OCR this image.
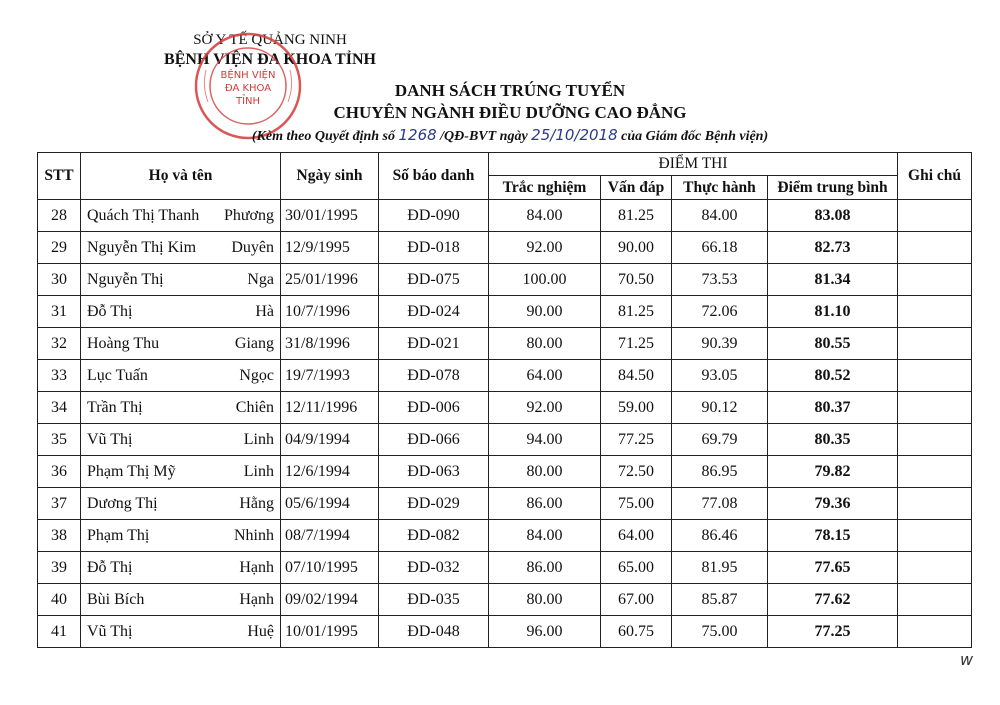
SỞ Y TẾ QUẢNG NINH
BỆNH VIỆN ĐA KHOA TỈNH
BỆNH VIỆN
ĐA KHOA
TỈNH
DANH SÁCH TRÚNG TUYỂN
CHUYÊN NGÀNH ĐIỀU DƯỠNG CAO ĐẲNG
(Kèm theo Quyết định số 1268 /QĐ-BVT ngày 25/10/2018 của Giám đốc Bệnh viện)
STT	Họ và tên	Ngày sinh	Số báo danh	ĐIỂM THI				Ghi chú
				Trắc nghiệm	Vấn đáp	Thực hành	Điểm trung bình	
28	Quách Thị Thanh Phương	30/01/1995	ĐD-090	84.00	81.25	84.00	83.08	
29	Nguyễn Thị Kim Duyên	12/9/1995	ĐD-018	92.00	90.00	66.18	82.73	
30	Nguyễn Thị Nga	25/01/1996	ĐD-075	100.00	70.50	73.53	81.34	
31	Đỗ Thị Hà	10/7/1996	ĐD-024	90.00	81.25	72.06	81.10	
32	Hoàng Thu Giang	31/8/1996	ĐD-021	80.00	71.25	90.39	80.55	
33	Lục Tuấn Ngọc	19/7/1993	ĐD-078	64.00	84.50	93.05	80.52	
34	Trần Thị Chiên	12/11/1996	ĐD-006	92.00	59.00	90.12	80.37	
35	Vũ Thị Linh	04/9/1994	ĐD-066	94.00	77.25	69.79	80.35	
36	Phạm Thị Mỹ Linh	12/6/1994	ĐD-063	80.00	72.50	86.95	79.82	
37	Dương Thị Hằng	05/6/1994	ĐD-029	86.00	75.00	77.08	79.36	
38	Phạm Thị Nhinh	08/7/1994	ĐD-082	84.00	64.00	86.46	78.15	
39	Đỗ Thị Hạnh	07/10/1995	ĐD-032	86.00	65.00	81.95	77.65	
40	Bùi Bích Hạnh	09/02/1994	ĐD-035	80.00	67.00	85.87	77.62	
41	Vũ Thị Huệ	10/01/1995	ĐD-048	96.00	60.75	75.00	77.25	
w
